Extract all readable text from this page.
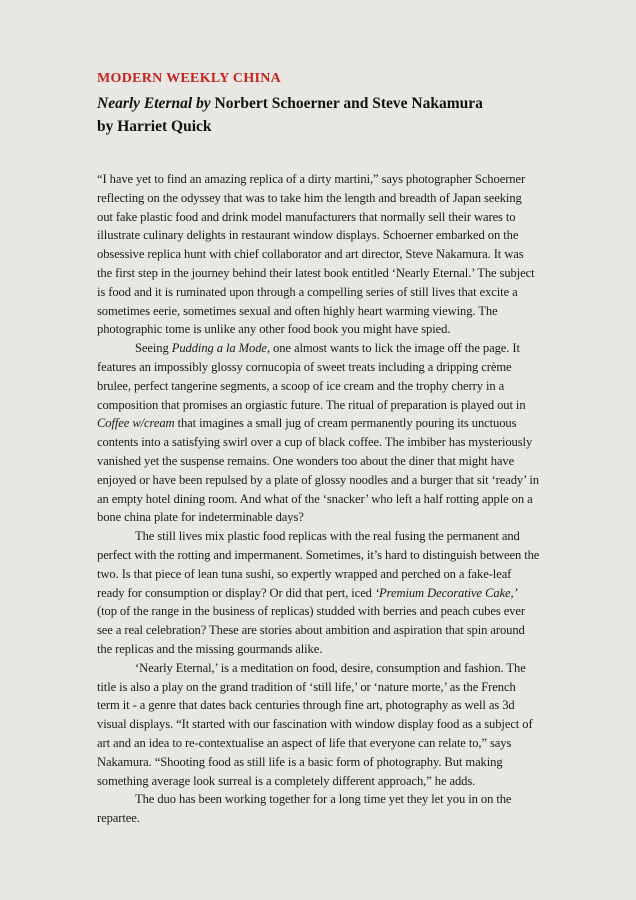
MODERN WEEKLY CHINA
Nearly Eternal by Norbert Schoerner and Steve Nakamura
by Harriet Quick

“I have yet to find an amazing replica of a dirty martini,” says photographer Schoerner reflecting on the odyssey that was to take him the length and breadth of Japan seeking out fake plastic food and drink model manufacturers that normally sell their wares to illustrate culinary delights in restaurant window displays. Schoerner embarked on the obsessive replica hunt with chief collaborator and art director, Steve Nakamura. It was the first step in the journey behind their latest book entitled ‘Nearly Eternal.’ The subject is food and it is ruminated upon through a compelling series of still lives that excite a sometimes eerie, sometimes sexual and often highly heart warming viewing. The photographic tome is unlike any other food book you might have spied.

Seeing Pudding a la Mode, one almost wants to lick the image off the page. It features an impossibly glossy cornucopia of sweet treats including a dripping crème brulee, perfect tangerine segments, a scoop of ice cream and the trophy cherry in a composition that promises an orgiastic future. The ritual of preparation is played out in Coffee w/cream that imagines a small jug of cream permanently pouring its unctuous contents into a satisfying swirl over a cup of black coffee. The imbiber has mysteriously vanished yet the suspense remains. One wonders too about the diner that might have enjoyed or have been repulsed by a plate of glossy noodles and a burger that sit ‘ready’ in an empty hotel dining room. And what of the ‘snacker’ who left a half rotting apple on a bone china plate for indeterminable days?

The still lives mix plastic food replicas with the real fusing the permanent and perfect with the rotting and impermanent. Sometimes, it’s hard to distinguish between the two. Is that piece of lean tuna sushi, so expertly wrapped and perched on a fake-leaf ready for consumption or display? Or did that pert, iced ‘Premium Decorative Cake,’ (top of the range in the business of replicas) studded with berries and peach cubes ever see a real celebration? These are stories about ambition and aspiration that spin around the replicas and the missing gourmands alike.

‘Nearly Eternal,’ is a meditation on food, desire, consumption and fashion. The title is also a play on the grand tradition of ‘still life,’ or ‘nature morte,’ as the French term it - a genre that dates back centuries through fine art, photography as well as 3d visual displays. “It started with our fascination with window display food as a subject of art and an idea to re-contextualise an aspect of life that everyone can relate to,” says Nakamura. “Shooting food as still life is a basic form of photography. But making something average look surreal is a completely different approach,” he adds.

The duo has been working together for a long time yet they let you in on the repartee.
